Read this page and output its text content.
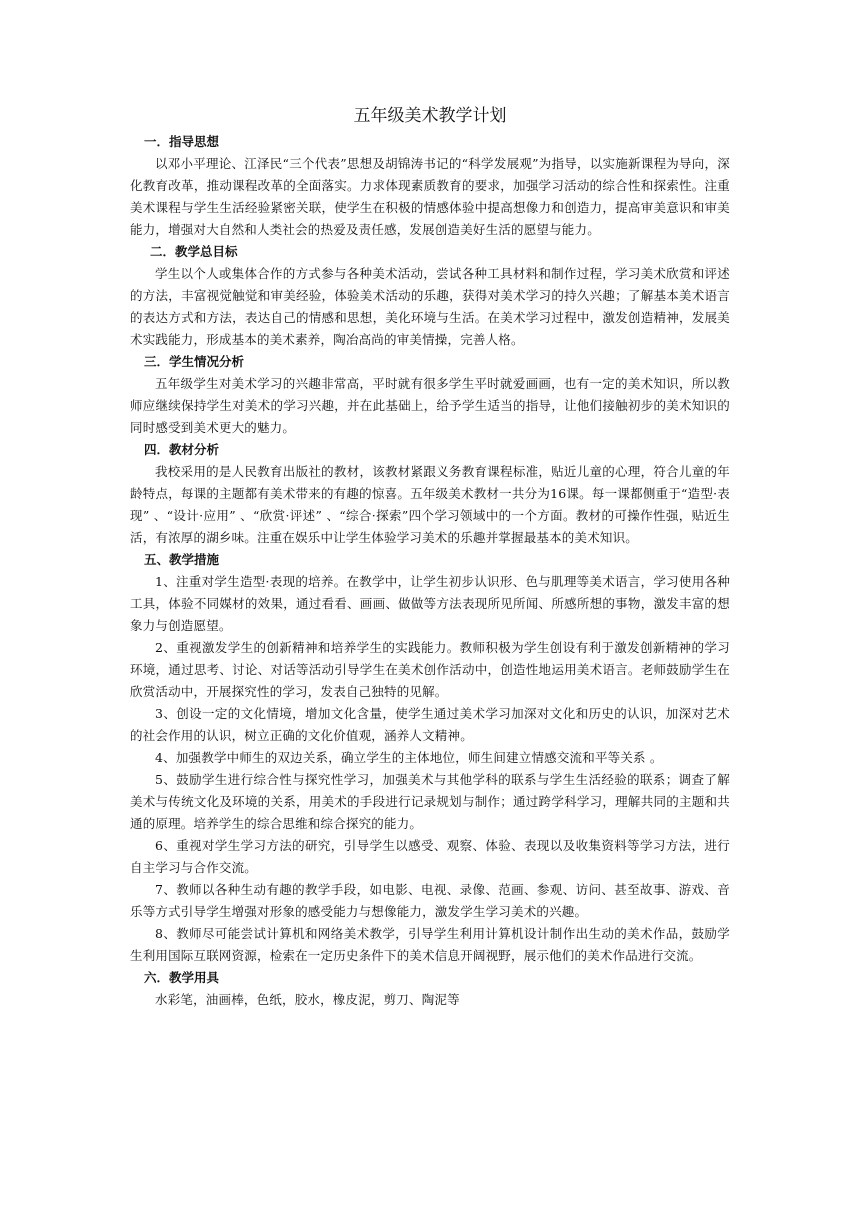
五年级美术教学计划

一．指导思想

以邓小平理论、江泽民“三个代表”思想及胡锦涛书记的“科学发展观”为指导，以实施新课程为导向，深化教育改革，推动课程改革的全面落实。力求体现素质教育的要求，加强学习活动的综合性和探索性。注重美术课程与学生生活经验紧密关联，使学生在积极的情感体验中提高想像力和创造力，提高审美意识和审美能力，增强对大自然和人类社会的热爱及责任感，发展创造美好生活的愿望与能力。

二．教学总目标

学生以个人或集体合作的方式参与各种美术活动，尝试各种工具材料和制作过程，学习美术欣赏和评述的方法，丰富视觉触觉和审美经验，体验美术活动的乐趣，获得对美术学习的持久兴趣；了解基本美术语言的表达方式和方法，表达自己的情感和思想，美化环境与生活。在美术学习过程中，激发创造精神，发展美术实践能力，形成基本的美术素养，陶冶高尚的审美情操，完善人格。

三．学生情况分析

五年级学生对美术学习的兴趣非常高，平时就有很多学生平时就爱画画，也有一定的美术知识，所以教师应继续保持学生对美术的学习兴趣，并在此基础上，给予学生适当的指导，让他们接触初步的美术知识的同时感受到美术更大的魅力。

四．教材分析

我校采用的是人民教育出版社的教材，该教材紧跟义务教育课程标准，贴近儿童的心理，符合儿童的年龄特点，每课的主题都有美术带来的有趣的惊喜。五年级美术教材一共分为16课。每一课都侧重于“造型·表现” 、“设计·应用” 、“欣赏·评述” 、“综合·探索”四个学习领域中的一个方面。教材的可操作性强，贴近生活，有浓厚的湖乡味。注重在娱乐中让学生体验学习美术的乐趣并掌握最基本的美术知识。

五、教学措施

1、注重对学生造型·表现的培养。在教学中，让学生初步认识形、色与肌理等美术语言，学习使用各种工具，体验不同媒材的效果，通过看看、画画、做做等方法表现所见所闻、所感所想的事物，激发丰富的想象力与创造愿望。

2、重视激发学生的创新精神和培养学生的实践能力。教师积极为学生创设有利于激发创新精神的学习环境，通过思考、讨论、对话等活动引导学生在美术创作活动中，创造性地运用美术语言。老师鼓励学生在欣赏活动中，开展探究性的学习，发表自己独特的见解。

3、创设一定的文化情境，增加文化含量，使学生通过美术学习加深对文化和历史的认识，加深对艺术的社会作用的认识，树立正确的文化价值观，涵养人文精神。

4、加强教学中师生的双边关系，确立学生的主体地位，师生间建立情感交流和平等关系 。

5、鼓励学生进行综合性与探究性学习，加强美术与其他学科的联系与学生生活经验的联系；调查了解美术与传统文化及环境的关系，用美术的手段进行记录规划与制作；通过跨学科学习，理解共同的主题和共通的原理。培养学生的综合思维和综合探究的能力。

6、重视对学生学习方法的研究，引导学生以感受、观察、体验、表现以及收集资料等学习方法，进行自主学习与合作交流。

7、教师以各种生动有趣的教学手段，如电影、电视、录像、范画、参观、访问、甚至故事、游戏、音乐等方式引导学生增强对形象的感受能力与想像能力，激发学生学习美术的兴趣。

8、教师尽可能尝试计算机和网络美术教学，引导学生利用计算机设计制作出生动的美术作品，鼓励学生利用国际互联网资源，检索在一定历史条件下的美术信息开阔视野，展示他们的美术作品进行交流。

六．教学用具

水彩笔，油画棒，色纸，胶水，橡皮泥，剪刀、陶泥等
